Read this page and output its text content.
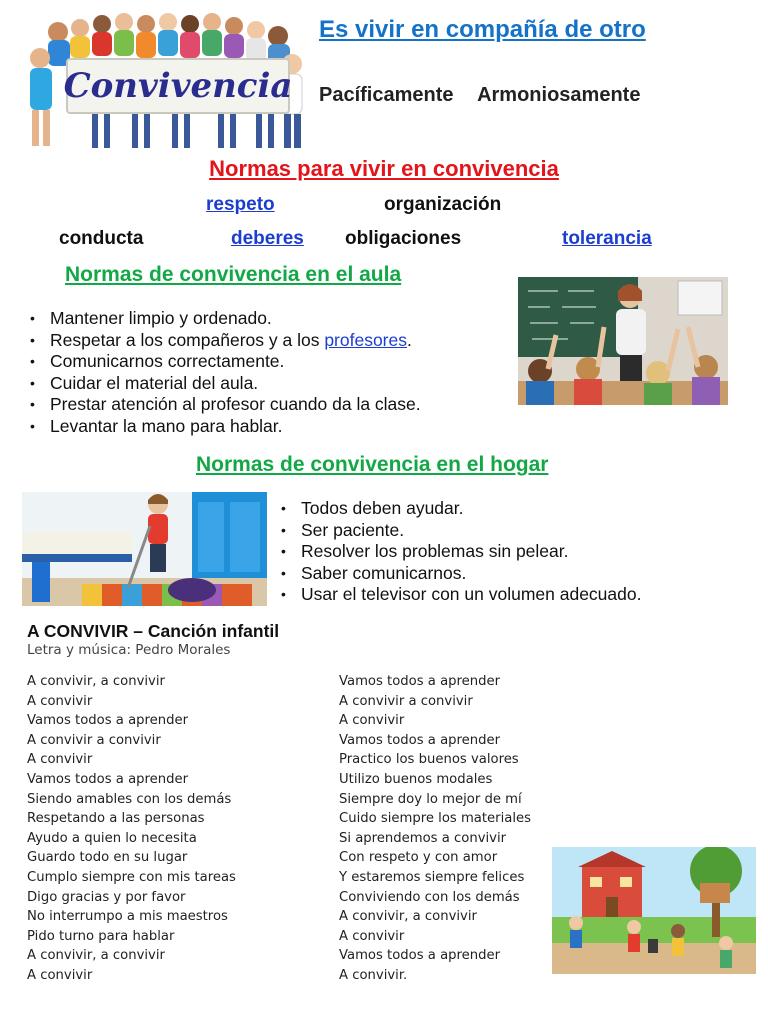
Convivencia
Es vivir en compañía de otro
Pacíficamente Armoniosamente
Normas para vivir en convivencia
respeto	organización
conducta	deberes obligaciones	tolerancia
Normas de convivencia en el aula
• Mantener limpio y ordenado.
• Respetar a los compañeros y a los profesores.
• Comunicarnos correctamente.
• Cuidar el material del aula.
• Prestar atención al profesor cuando da la clase.
• Levantar la mano para hablar.
Normas de convivencia en el hogar
• Todos deben ayudar.
• Ser paciente.
• Resolver los problemas sin pelear.
• Saber comunicarnos.
• Usar el televisor con un volumen adecuado.
A CONVIVIR – Canción infantil
Letra y música: Pedro Morales
A convivir, a convivir
A convivir
Vamos todos a aprender
A convivir a convivir
A convivir
Vamos todos a aprender
Siendo amables con los demás
Respetando a las personas
Ayudo a quien lo necesita
Guardo todo en su lugar
Cumplo siempre con mis tareas
Digo gracias y por favor
No interrumpo a mis maestros
Pido turno para hablar
A convivir, a convivir
A convivir
Vamos todos a aprender
A convivir a convivir
A convivir
Vamos todos a aprender
Practico los buenos valores
Utilizo buenos modales
Siempre doy lo mejor de mí
Cuido siempre los materiales
Si aprendemos a convivir
Con respeto y con amor
Y estaremos siempre felices
Conviviendo con los demás
A convivir, a convivir
A convivir
Vamos todos a aprender
A convivir.
